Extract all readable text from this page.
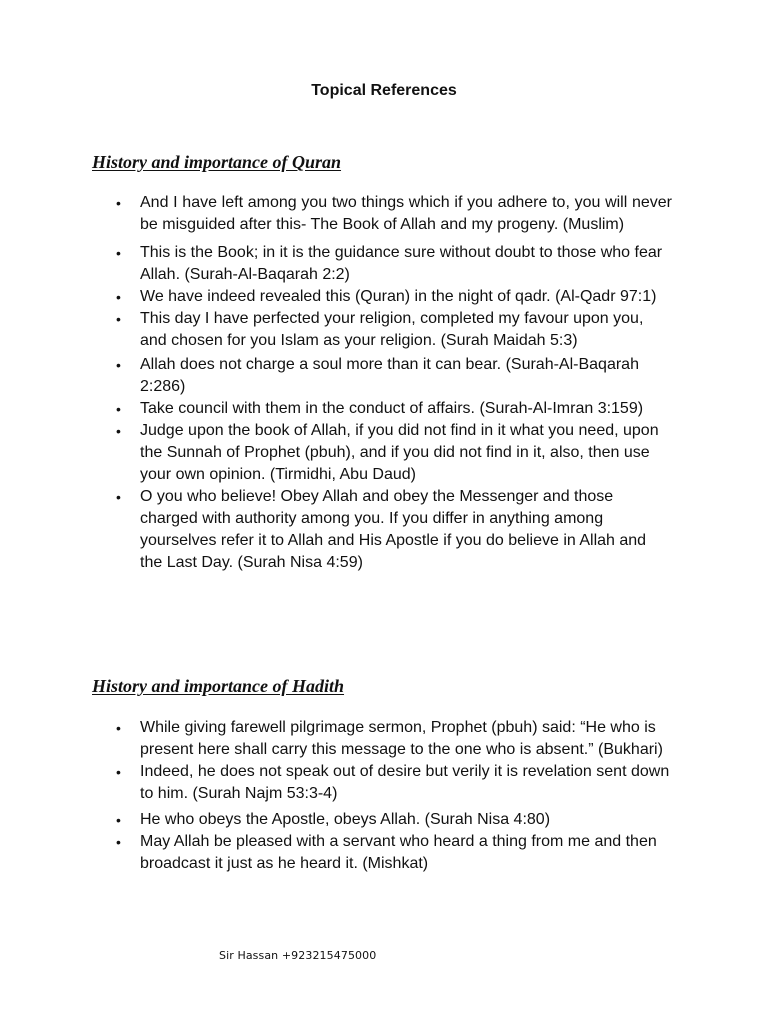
Topical References
History and importance of Quran
• And I have left among you two things which if you adhere to, you will never be misguided after this- The Book of Allah and my progeny. (Muslim)
• This is the Book; in it is the guidance sure without doubt to those who fear Allah. (Surah-Al-Baqarah 2:2)
• We have indeed revealed this (Quran) in the night of qadr. (Al-Qadr 97:1)
• This day I have perfected your religion, completed my favour upon you, and chosen for you Islam as your religion. (Surah Maidah 5:3)
• Allah does not charge a soul more than it can bear. (Surah-Al-Baqarah 2:286)
• Take council with them in the conduct of affairs. (Surah-Al-Imran 3:159)
• Judge upon the book of Allah, if you did not find in it what you need, upon the Sunnah of Prophet (pbuh), and if you did not find in it, also, then use your own opinion. (Tirmidhi, Abu Daud)
• O you who believe! Obey Allah and obey the Messenger and those charged with authority among you. If you differ in anything among yourselves refer it to Allah and His Apostle if you do believe in Allah and the Last Day. (Surah Nisa 4:59)
History and importance of Hadith
• While giving farewell pilgrimage sermon, Prophet (pbuh) said: “He who is present here shall carry this message to the one who is absent.” (Bukhari)
• Indeed, he does not speak out of desire but verily it is revelation sent down to him. (Surah Najm 53:3-4)
• He who obeys the Apostle, obeys Allah. (Surah Nisa 4:80)
• May Allah be pleased with a servant who heard a thing from me and then broadcast it just as he heard it. (Mishkat)
Sir Hassan +923215475000
